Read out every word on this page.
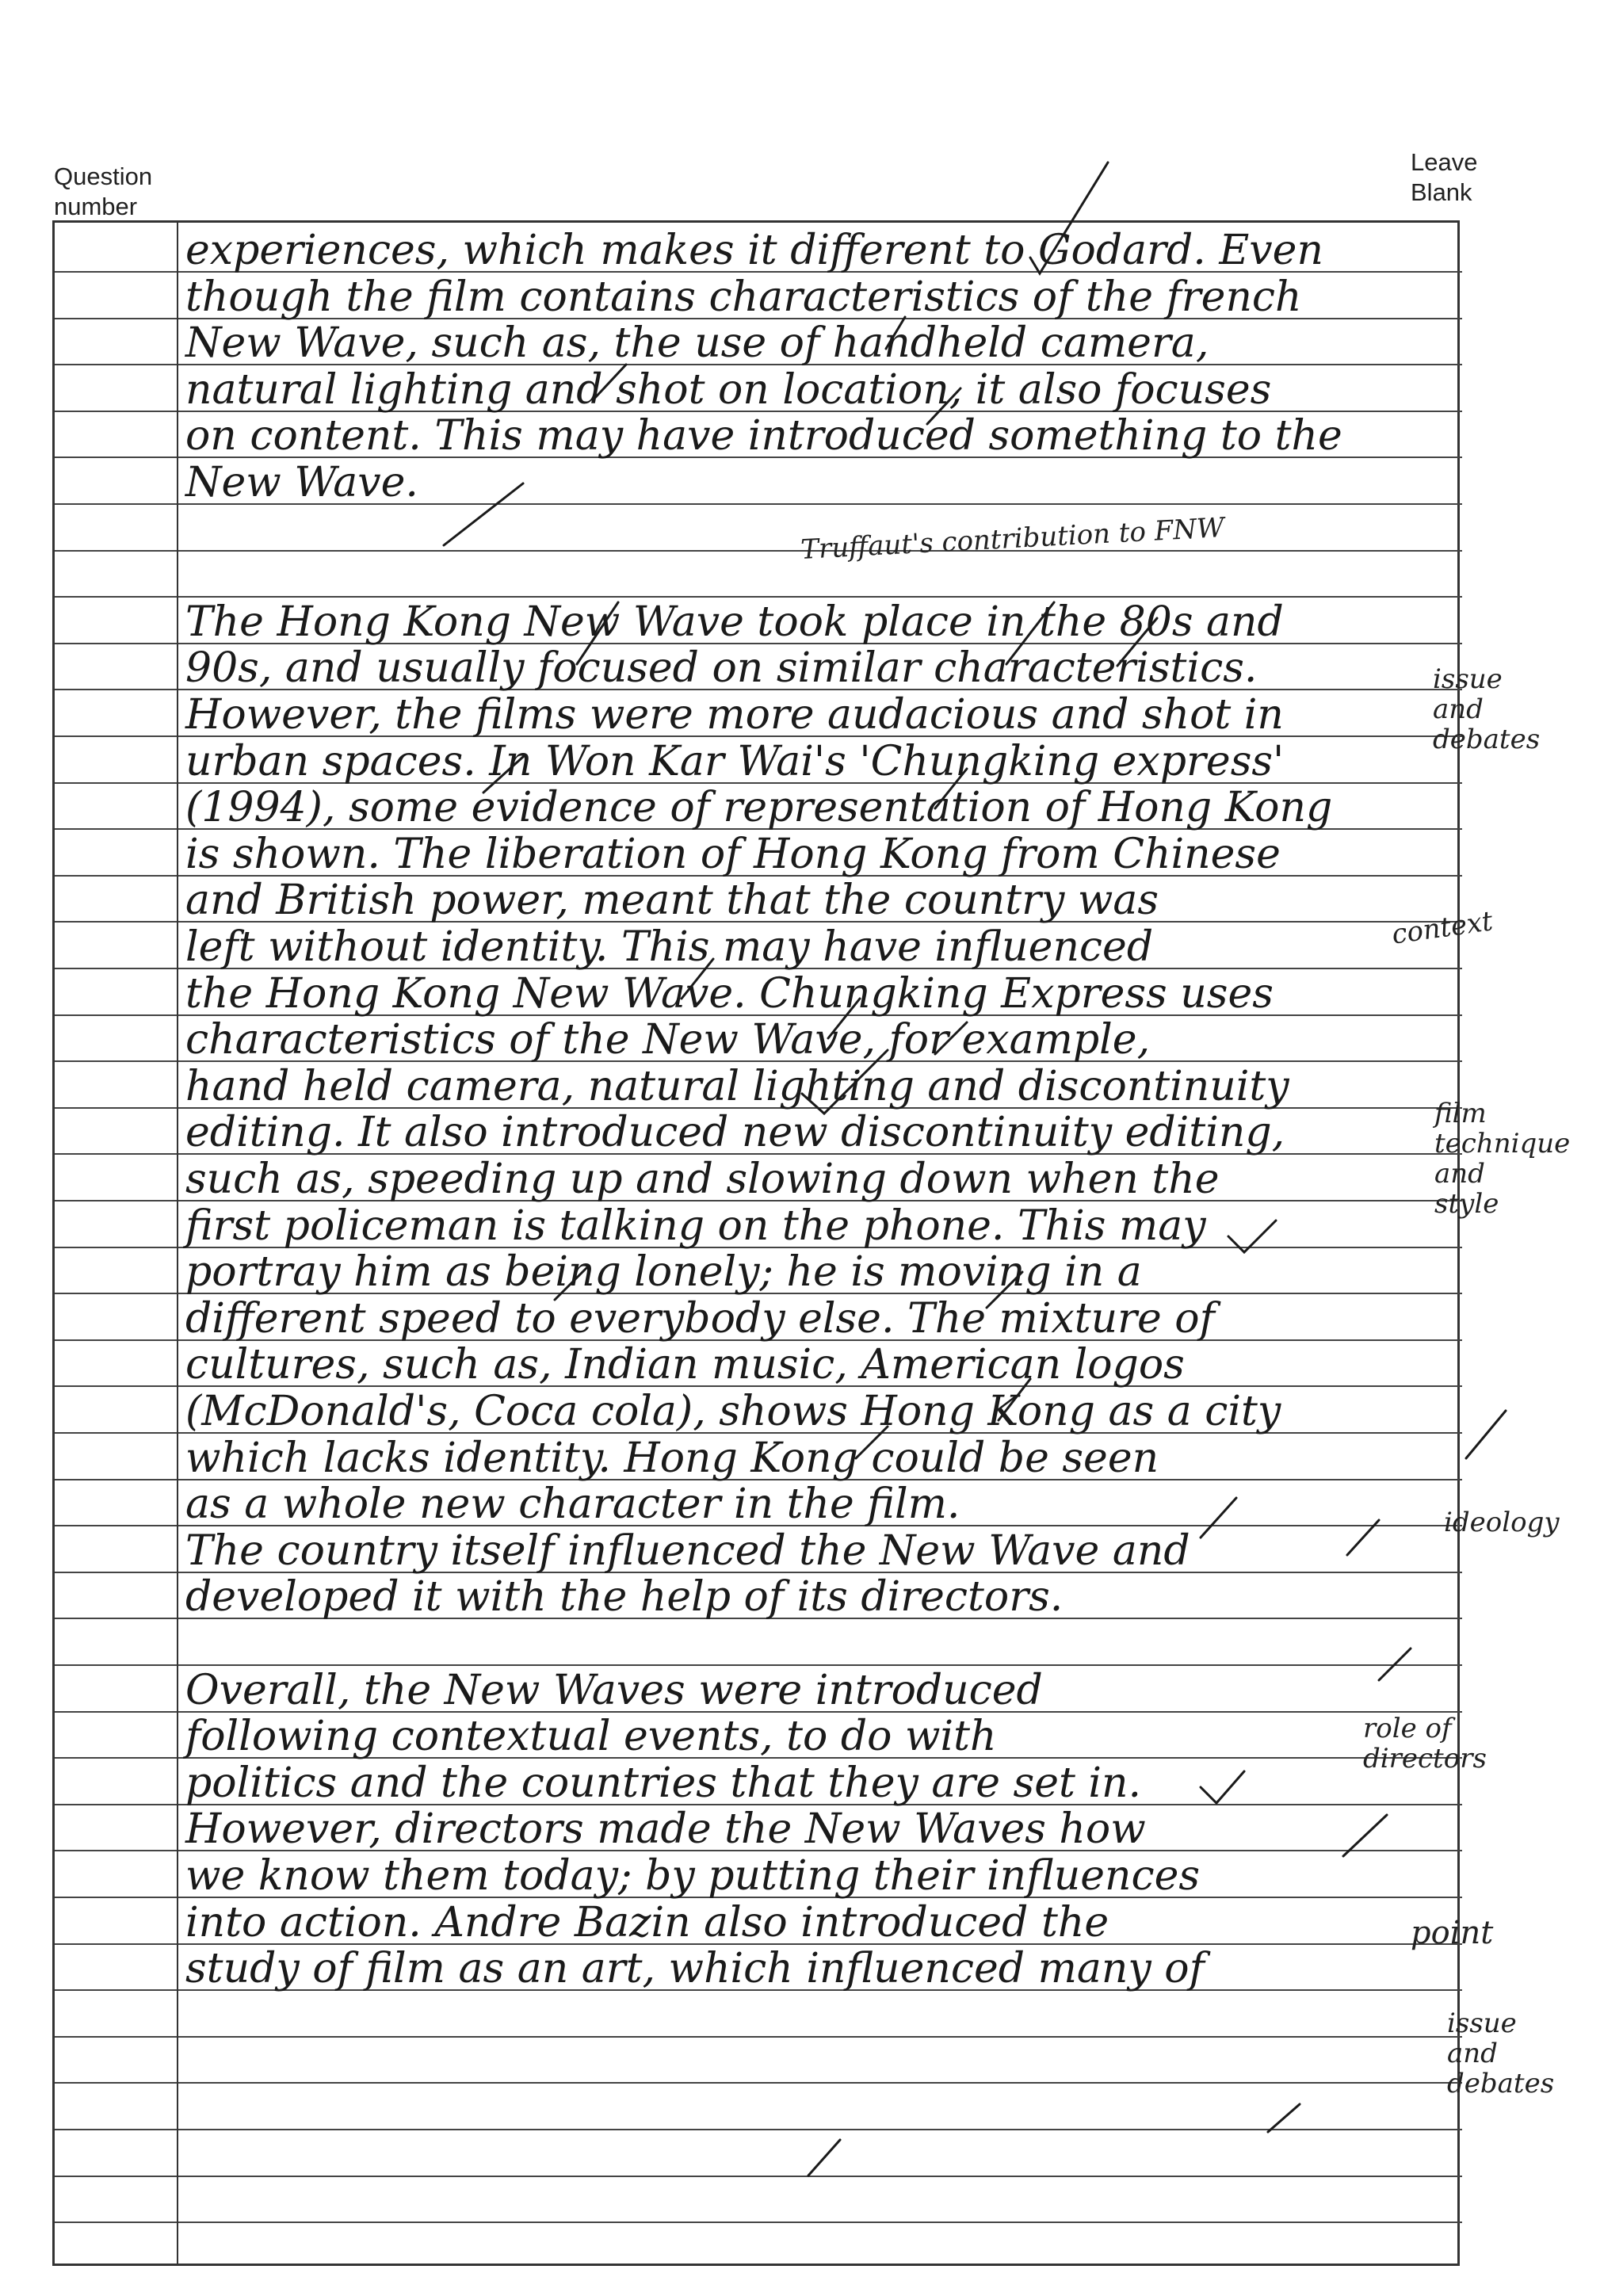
Question
number
Leave
Blank
experiences, which makes it different to Godard. Even
though the film contains characteristics of the french
New Wave, such as, the use of handheld camera,
natural lighting and shot on location, it also focuses
on content. This may have introduced something to the
New Wave.
The Hong Kong New Wave took place in the 80s and
90s, and usually focused on similar characteristics.
However, the films were more audacious and shot in
urban spaces. In Won Kar Wai's 'Chungking express'
(1994), some evidence of representation of Hong Kong
is shown. The liberation of Hong Kong from Chinese
and British power, meant that the country was
left without identity. This may have influenced
the Hong Kong New Wave. Chungking Express uses
characteristics of the New Wave, for example,
hand held camera, natural lighting and discontinuity
editing. It also introduced new discontinuity editing,
such as, speeding up and slowing down when the
first policeman is talking on the phone. This may
portray him as being lonely; he is moving in a
different speed to everybody else. The mixture of
cultures, such as, Indian music, American logos
(McDonald's, Coca cola), shows Hong Kong as a city
which lacks identity. Hong Kong could be seen
as a whole new character in the film.
The country itself influenced the New Wave and
developed it with the help of its directors.
Overall, the New Waves were introduced
following contextual events, to do with
politics and the countries that they are set in.
However, directors made the New Waves how
we know them today; by putting their influences
into action. Andre Bazin also introduced the
study of film as an art, which influenced many of
Truffaut's contribution to FNW
issue
and
debates
context
film
technique
and
style
ideology
role of
directors
point
issue
and
debates
